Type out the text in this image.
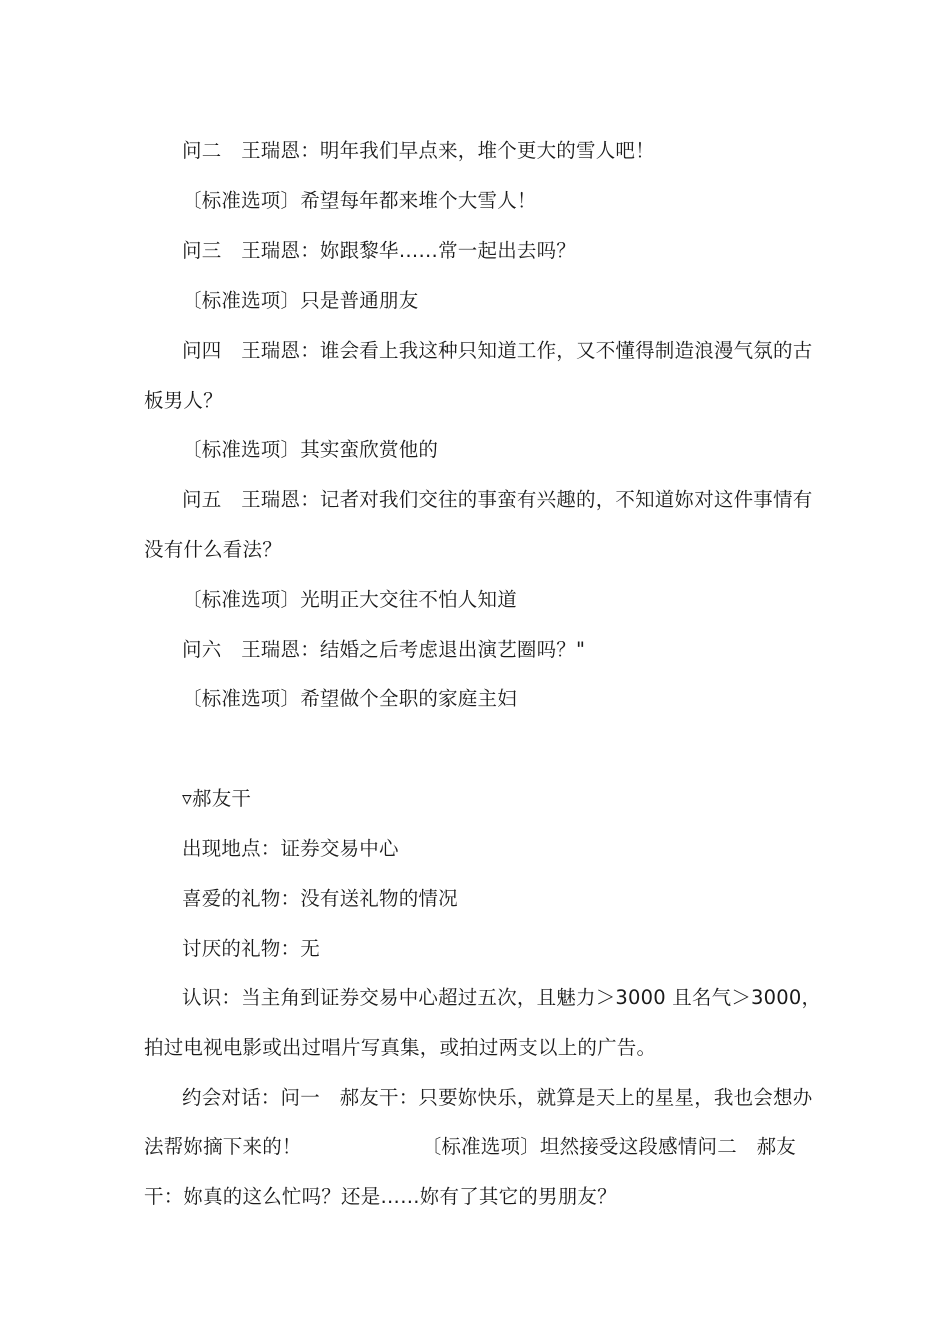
问二　王瑞恩：明年我们早点来，堆个更大的雪人吧！
〔标准选项〕希望每年都来堆个大雪人！
问三　王瑞恩：妳跟黎华……常一起出去吗？
〔标准选项〕只是普通朋友
问四　王瑞恩：谁会看上我这种只知道工作，又不懂得制造浪漫气氛的古
板男人？
〔标准选项〕其实蛮欣赏他的
问五　王瑞恩：记者对我们交往的事蛮有兴趣的，不知道妳对这件事情有
没有什么看法？
〔标准选项〕光明正大交往不怕人知道
问六　王瑞恩：结婚之后考虑退出演艺圈吗？"
〔标准选项〕希望做个全职的家庭主妇
▿郝友干
出现地点：证券交易中心
喜爱的礼物：没有送礼物的情况
讨厌的礼物：无
认识：当主角到证券交易中心超过五次，且魅力＞3000 且名气＞3000，
拍过电视电影或出过唱片写真集，或拍过两支以上的广告。
约会对话：问一　郝友干：只要妳快乐，就算是天上的星星，我也会想办
法帮妳摘下来的！	〔标准选项〕坦然接受这段感情问二　郝友
干：妳真的这么忙吗？还是……妳有了其它的男朋友？
